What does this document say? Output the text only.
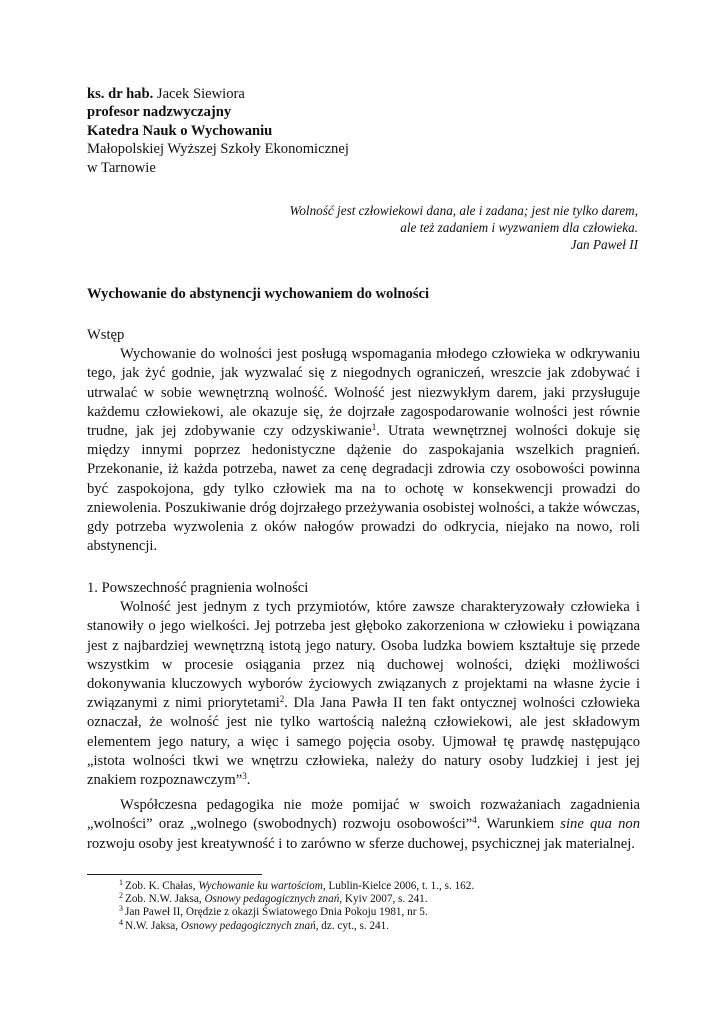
ks. dr hab. Jacek Siewiora
profesor nadzwyczajny
Katedra Nauk o Wychowaniu
Małopolskiej Wyższej Szkoły Ekonomicznej
w Tarnowie
Wolność jest człowiekowi dana, ale i zadana; jest nie tylko darem,
ale też zadaniem i wyzwaniem dla człowieka.
Jan Paweł II
Wychowanie do abstynencji wychowaniem do wolności
Wstęp

Wychowanie do wolności jest posługą wspomagania młodego człowieka w odkrywaniu tego, jak żyć godnie, jak wyzwalać się z niegodnych ograniczeń, wreszcie jak zdobywać i utrwalać w sobie wewnętrzną wolność. Wolność jest niezwykłym darem, jaki przysługuje każdemu człowiekowi, ale okazuje się, że dojrzałe zagospodarowanie wolności jest równie trudne, jak jej zdobywanie czy odzyskiwanie$^1$. Utrata wewnętrznej wolności dokuje się między innymi poprzez hedonistyczne dążenie do zaspokajania wszelkich pragnień. Przekonanie, iż każda potrzeba, nawet za cenę degradacji zdrowia czy osobowości powinna być zaspokojona, gdy tylko człowiek ma na to ochotę w konsekwencji prowadzi do zniewolenia. Poszukiwanie dróg dojrzałego przeżywania osobistej wolności, a także wówczas, gdy potrzeba wyzwolenia z oków nałogów prowadzi do odkrycia, niejako na nowo, roli abstynencji.

1. Powszechność pragnienia wolności

Wolność jest jednym z tych przymiotów, które zawsze charakteryzowały człowieka i stanowiły o jego wielkości. Jej potrzeba jest głęboko zakorzeniona w człowieku i powiązana jest z najbardziej wewnętrzną istotą jego natury. Osoba ludzka bowiem kształtuje się przede wszystkim w procesie osiągania przez nią duchowej wolności, dzięki możliwości dokonywania kluczowych wyborów życiowych związanych z projektami na własne życie i związanymi z nimi priorytetami$^2$. Dla Jana Pawła II ten fakt ontycznej wolności człowieka oznaczał, że wolność jest nie tylko wartością należną człowiekowi, ale jest składowym elementem jego natury, a więc i samego pojęcia osoby. Ujmował tę prawdę następująco „istota wolności tkwi we wnętrzu człowieka, należy do natury osoby ludzkiej i jest jej znakiem rozpoznawczym”$^3$.

Współczesna pedagogika nie może pomijać w swoich rozważaniach zagadnienia „wolności” oraz „wolnego (swobodnych) rozwoju osobowości”$^4$. Warunkiem sine qua non rozwoju osoby jest kreatywność i to zarówno w sferze duchowej, psychicznej jak materialnej.

$^1$ Zob. K. Chałas, Wychowanie ku wartościom, Lublin-Kielce 2006, t. 1., s. 162.
$^2$ Zob. N.W. Jaksa, Osnowy pedagogicznych znań, Kyiv 2007, s. 241.
$^3$ Jan Paweł II, Orędzie z okazji Światowego Dnia Pokoju 1981, nr 5.
$^4$ N.W. Jaksa, Osnowy pedagogicznych znań, dz. cyt., s. 241.
